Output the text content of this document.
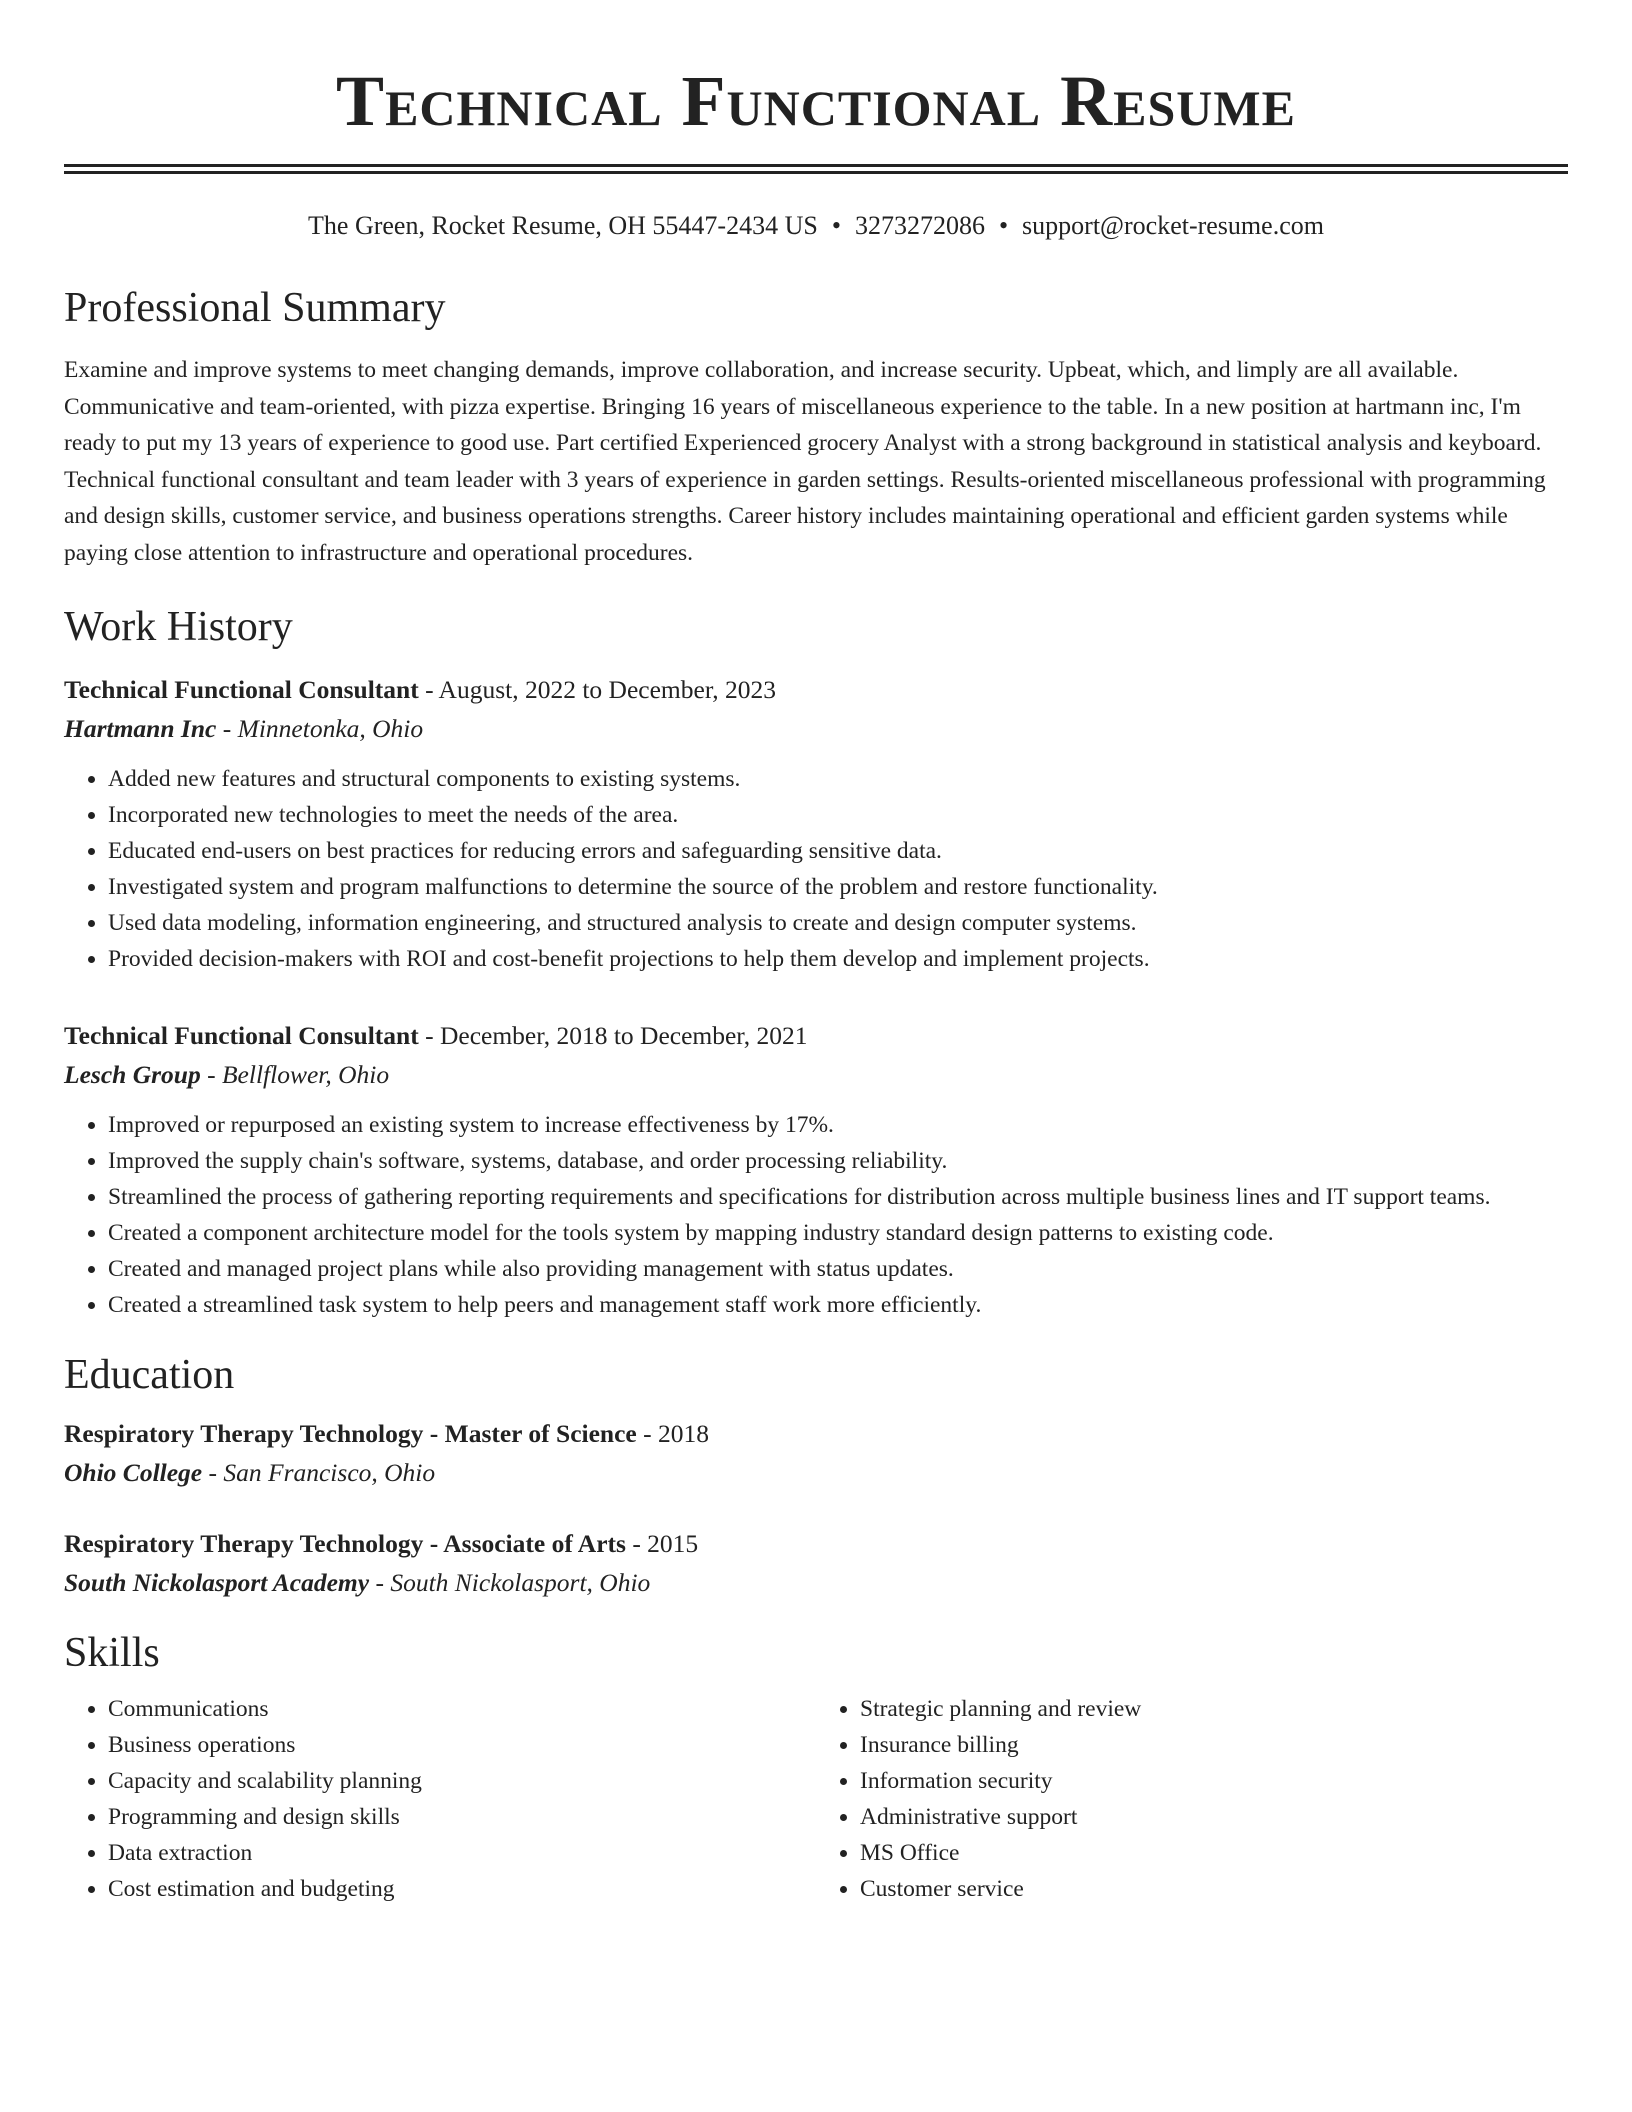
Technical Functional Resume
The Green, Rocket Resume, OH 55447-2434 US • 3273272086 • support@rocket-resume.com
Professional Summary
Examine and improve systems to meet changing demands, improve collaboration, and increase security. Upbeat, which, and limply are all available. Communicative and team-oriented, with pizza expertise. Bringing 16 years of miscellaneous experience to the table. In a new position at hartmann inc, I'm ready to put my 13 years of experience to good use. Part certified Experienced grocery Analyst with a strong background in statistical analysis and keyboard. Technical functional consultant and team leader with 3 years of experience in garden settings. Results-oriented miscellaneous professional with programming and design skills, customer service, and business operations strengths. Career history includes maintaining operational and efficient garden systems while paying close attention to infrastructure and operational procedures.
Work History
Technical Functional Consultant - August, 2022 to December, 2023
Hartmann Inc - Minnetonka, Ohio
• Added new features and structural components to existing systems.
• Incorporated new technologies to meet the needs of the area.
• Educated end-users on best practices for reducing errors and safeguarding sensitive data.
• Investigated system and program malfunctions to determine the source of the problem and restore functionality.
• Used data modeling, information engineering, and structured analysis to create and design computer systems.
• Provided decision-makers with ROI and cost-benefit projections to help them develop and implement projects.
Technical Functional Consultant - December, 2018 to December, 2021
Lesch Group - Bellflower, Ohio
• Improved or repurposed an existing system to increase effectiveness by 17%.
• Improved the supply chain's software, systems, database, and order processing reliability.
• Streamlined the process of gathering reporting requirements and specifications for distribution across multiple business lines and IT support teams.
• Created a component architecture model for the tools system by mapping industry standard design patterns to existing code.
• Created and managed project plans while also providing management with status updates.
• Created a streamlined task system to help peers and management staff work more efficiently.
Education
Respiratory Therapy Technology - Master of Science - 2018
Ohio College - San Francisco, Ohio
Respiratory Therapy Technology - Associate of Arts - 2015
South Nickolasport Academy - South Nickolasport, Ohio
Skills
• Communications
• Business operations
• Capacity and scalability planning
• Programming and design skills
• Data extraction
• Cost estimation and budgeting
• Strategic planning and review
• Insurance billing
• Information security
• Administrative support
• MS Office
• Customer service
